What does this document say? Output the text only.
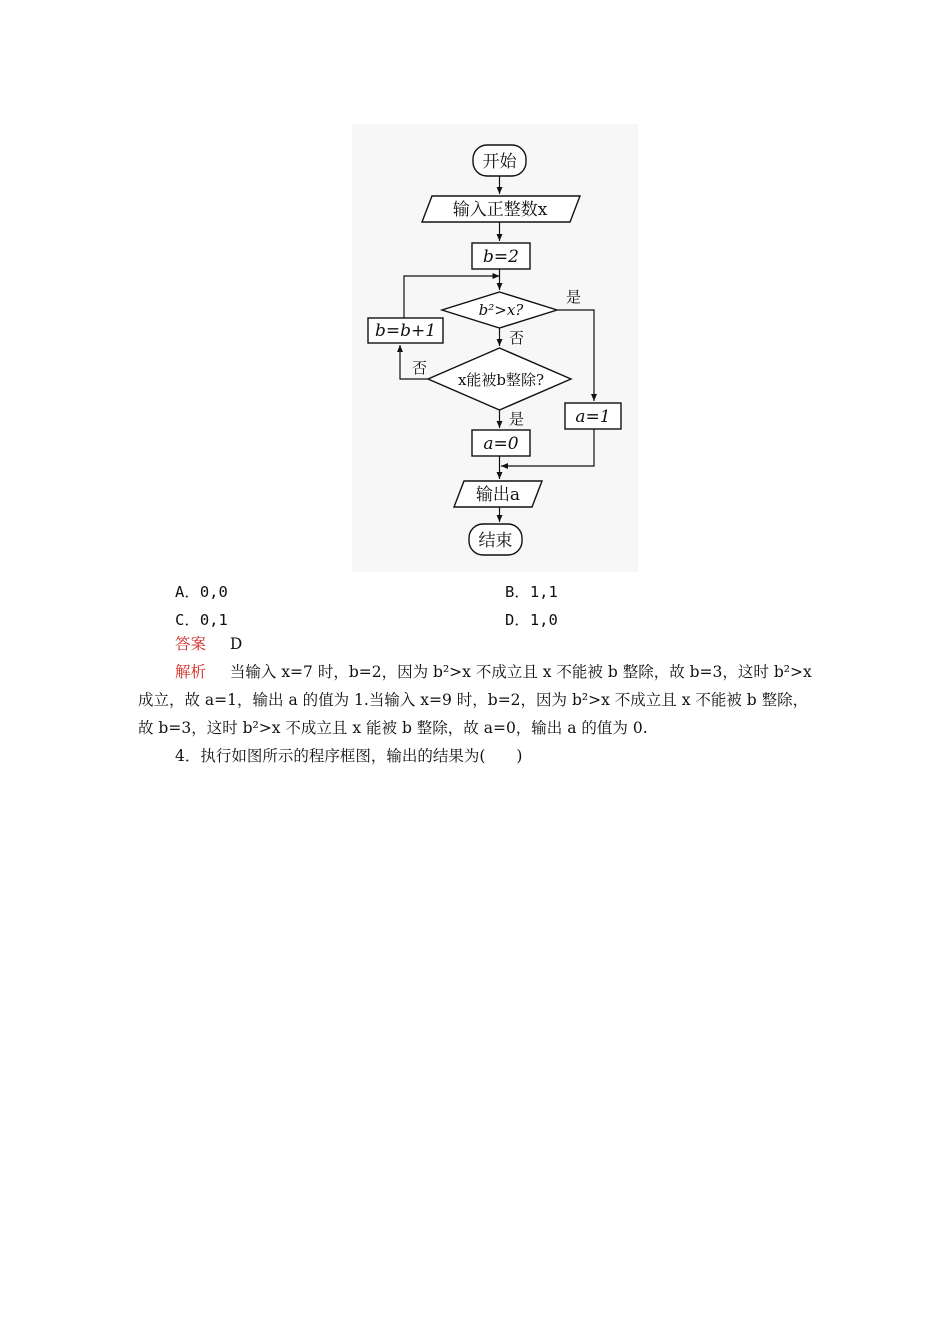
开始
输入正整数x
b=2
b²>x?
是
否
b=b+1
x能被b整除?
否
是
a=0
a=1
输出a
结束
A．0,0	B．1,1
C．0,1	D．1,0
答案 D
解析 当输入 x=7 时，b=2，因为 b²>x 不成立且 x 不能被 b 整除，故 b=3，这时 b²>x
成立，故 a=1，输出 a 的值为 1.当输入 x=9 时，b=2，因为 b²>x 不成立且 x 不能被 b 整除，
故 b=3，这时 b²>x 不成立且 x 能被 b 整除，故 a=0，输出 a 的值为 0.
4．执行如图所示的程序框图，输出的结果为(　　)
